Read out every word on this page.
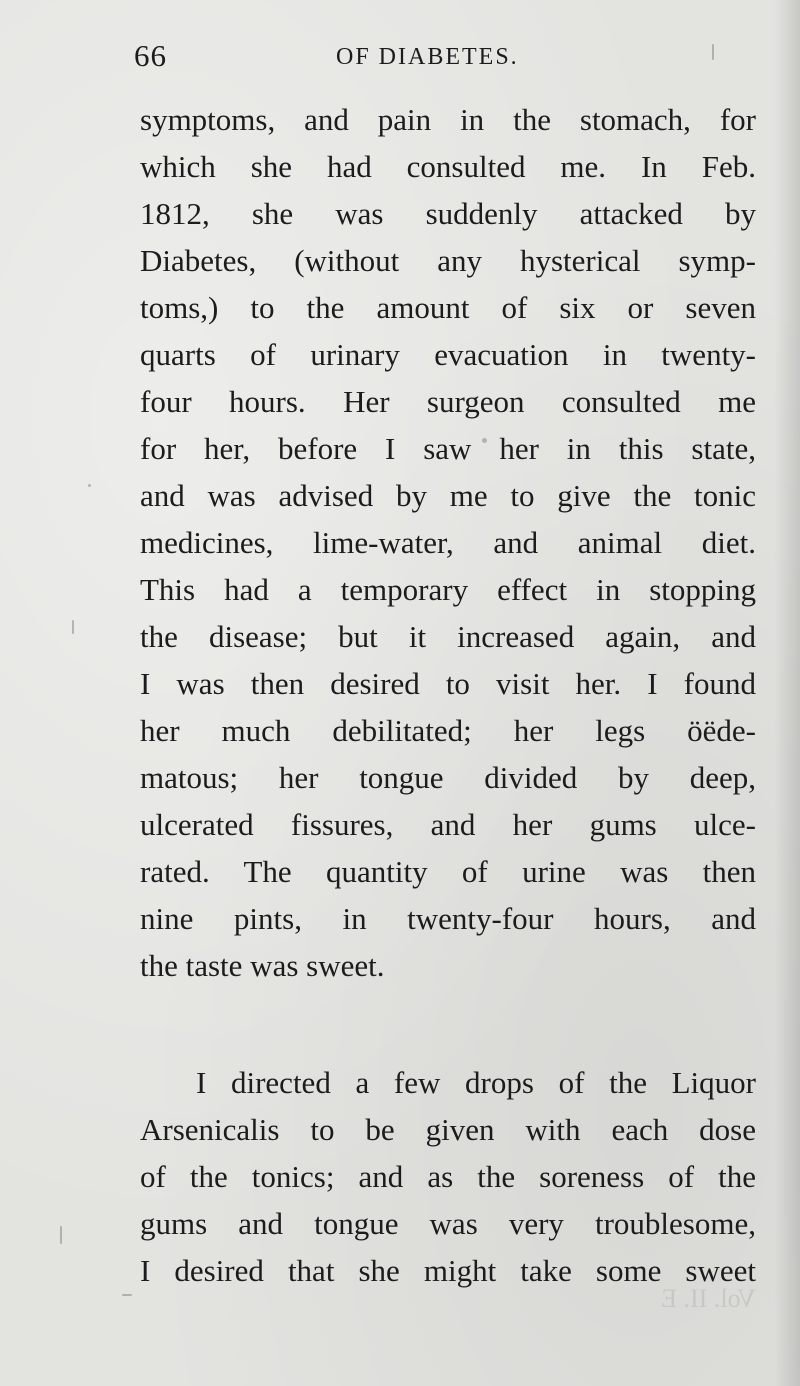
66	OF DIABETES.
symptoms, and pain in the stomach, for
which she had consulted me. In Feb.
1812, she was suddenly attacked by
Diabetes, (without any hysterical symp-
toms,) to the amount of six or seven
quarts of urinary evacuation in twenty-
four hours. Her surgeon consulted me
for her, before I saw her in this state,
and was advised by me to give the tonic
medicines, lime-water, and animal diet.
This had a temporary effect in stopping
the disease; but it increased again, and
I was then desired to visit her. I found
her much debilitated; her legs öëde-
matous; her tongue divided by deep,
ulcerated fissures, and her gums ulce-
rated. The quantity of urine was then
nine pints, in twenty-four hours, and
the taste was sweet.
I directed a few drops of the Liquor
Arsenicalis to be given with each dose
of the tonics; and as the soreness of the
gums and tongue was very troublesome,
I desired that she might take some sweet
Vol. II. E
